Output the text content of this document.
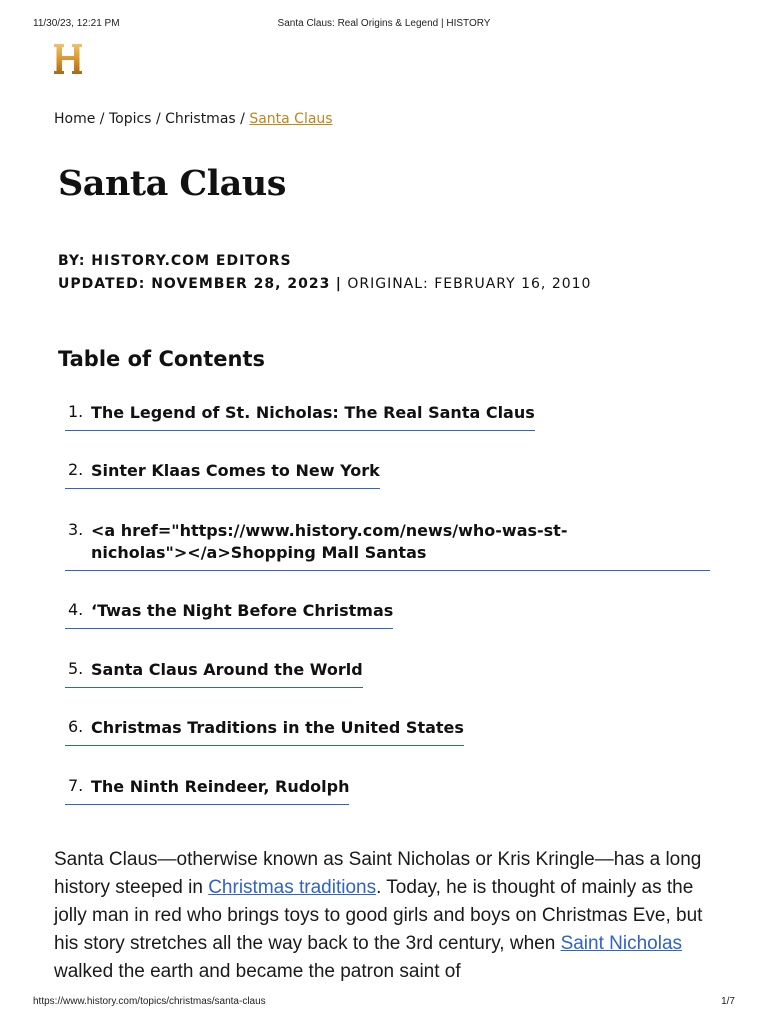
11/30/23, 12:21 PM	Santa Claus: Real Origins & Legend | HISTORY
Home / Topics / Christmas / Santa Claus
Santa Claus
BY: HISTORY.COM EDITORS
UPDATED: NOVEMBER 28, 2023 | ORIGINAL: FEBRUARY 16, 2010
Table of Contents
1. The Legend of St. Nicholas: The Real Santa Claus
2. Sinter Klaas Comes to New York
3. <a href="https://www.history.com/news/who-was-st-nicholas"></a>Shopping Mall Santas
4. ‘Twas the Night Before Christmas
5. Santa Claus Around the World
6. Christmas Traditions in the United States
7. The Ninth Reindeer, Rudolph

Santa Claus—otherwise known as Saint Nicholas or Kris Kringle—has a long history steeped in Christmas traditions. Today, he is thought of mainly as the jolly man in red who brings toys to good girls and boys on Christmas Eve, but his story stretches all the way back to the 3rd century, when Saint Nicholas walked the earth and became the patron saint of

https://www.history.com/topics/christmas/santa-claus	1/7
